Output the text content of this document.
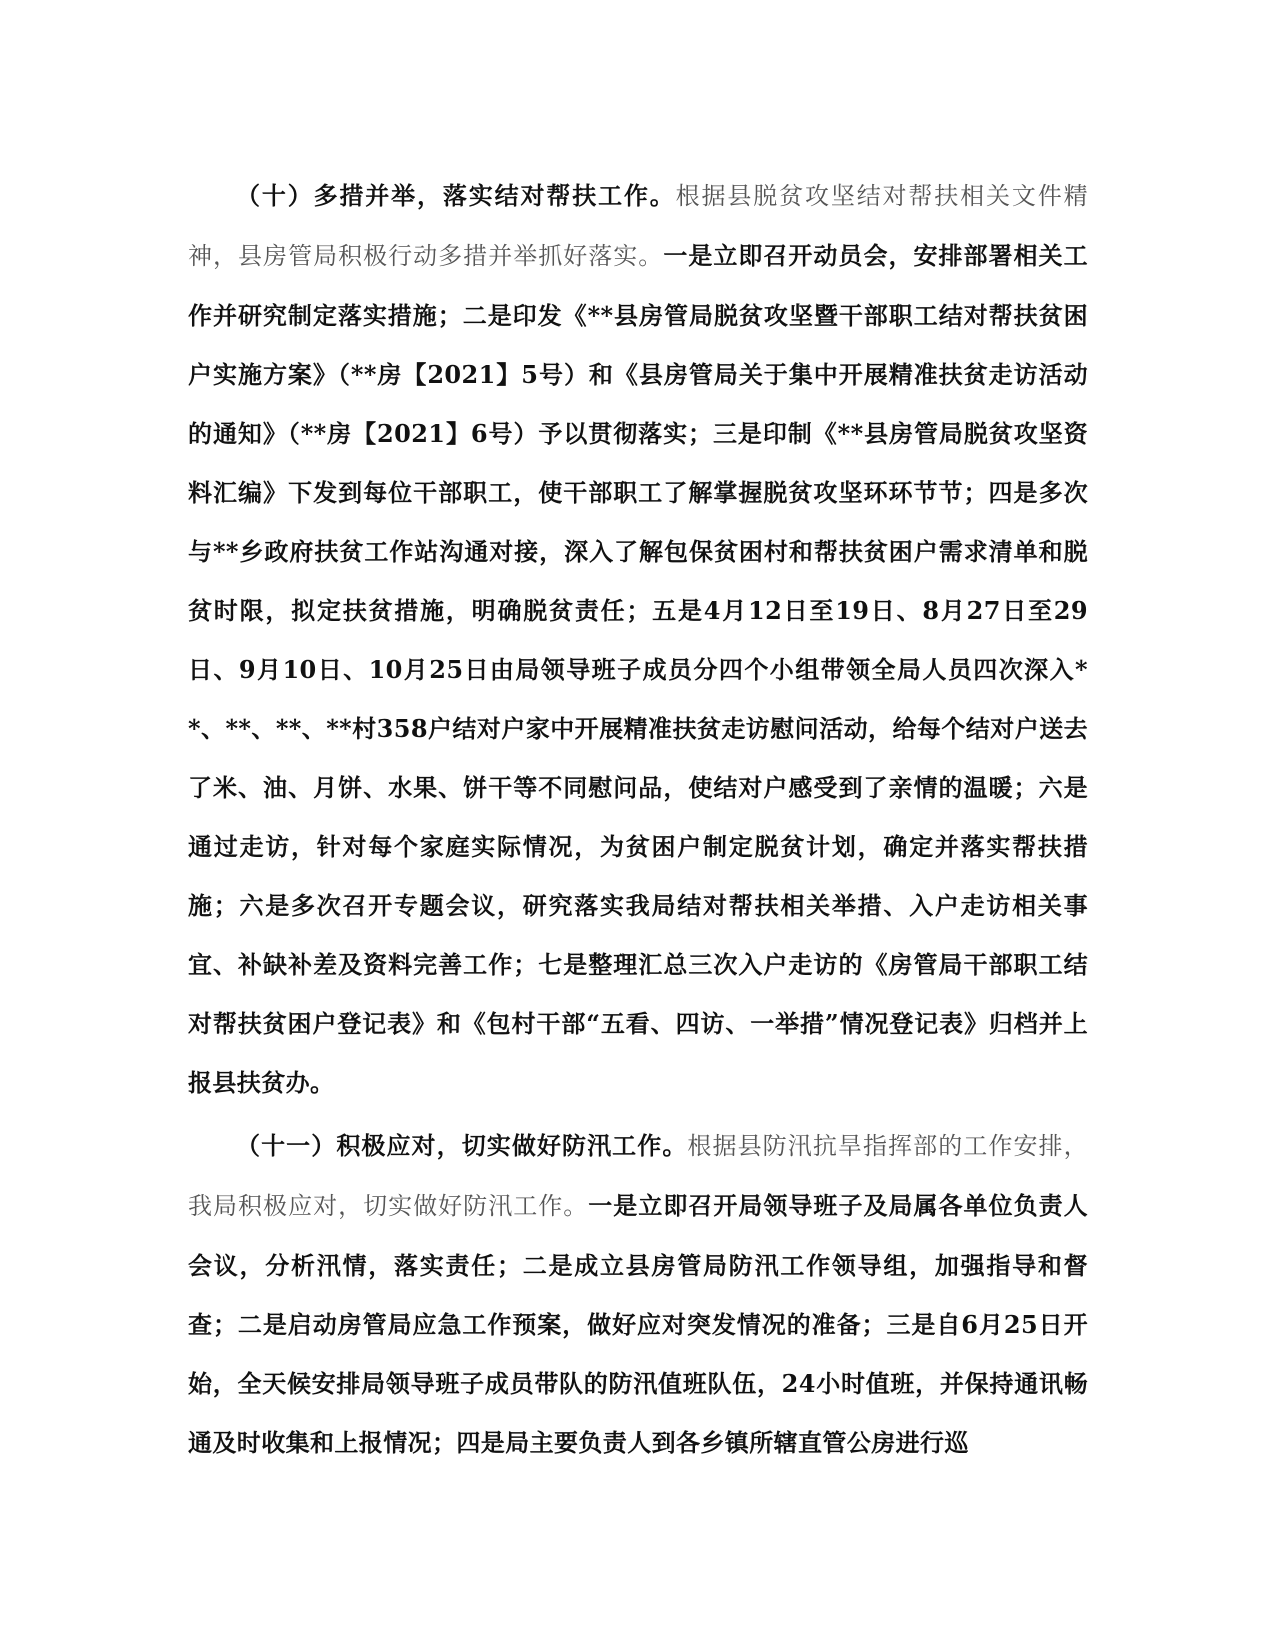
（十）多措并举，落实结对帮扶工作。根据县脱贫攻坚结对帮扶相关文件精神，县房管局积极行动多措并举抓好落实。一是立即召开动员会，安排部署相关工作并研究制定落实措施；二是印发《**县房管局脱贫攻坚暨干部职工结对帮扶贫困户实施方案》（**房【2021】5号）和《县房管局关于集中开展精准扶贫走访活动的通知》（**房【2021】6号）予以贯彻落实；三是印制《**县房管局脱贫攻坚资料汇编》下发到每位干部职工，使干部职工了解掌握脱贫攻坚环环节节；四是多次与**乡政府扶贫工作站沟通对接，深入了解包保贫困村和帮扶贫困户需求清单和脱贫时限，拟定扶贫措施，明确脱贫责任；五是4月12日至19日、8月27日至29日、9月10日、10月25日由局领导班子成员分四个小组带领全局人员四次深入**、**、**、**村358户结对户家中开展精准扶贫走访慰问活动，给每个结对户送去了米、油、月饼、水果、饼干等不同慰问品，使结对户感受到了亲情的温暖；六是通过走访，针对每个家庭实际情况，为贫困户制定脱贫计划，确定并落实帮扶措施；六是多次召开专题会议，研究落实我局结对帮扶相关举措、入户走访相关事宜、补缺补差及资料完善工作；七是整理汇总三次入户走访的《房管局干部职工结对帮扶贫困户登记表》和《包村干部“五看、四访、一举措”情况登记表》归档并上报县扶贫办。

（十一）积极应对，切实做好防汛工作。根据县防汛抗旱指挥部的工作安排，我局积极应对，切实做好防汛工作。一是立即召开局领导班子及局属各单位负责人会议，分析汛情，落实责任；二是成立县房管局防汛工作领导组，加强指导和督查；二是启动房管局应急工作预案，做好应对突发情况的准备；三是自6月25日开始，全天候安排局领导班子成员带队的防汛值班队伍，24小时值班，并保持通讯畅通及时收集和上报情况；四是局主要负责人到各乡镇所辖直管公房进行巡
